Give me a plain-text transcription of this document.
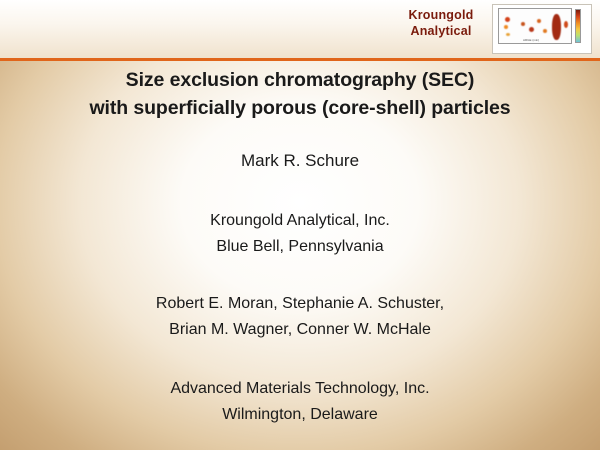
Kroungold
Analytical
ARGE (min)
Size exclusion chromatography (SEC)
with superficially porous (core-shell) particles
Mark R. Schure
Kroungold Analytical, Inc.
Blue Bell, Pennsylvania
Robert E. Moran, Stephanie A. Schuster,
Brian M. Wagner, Conner W. McHale
Advanced Materials Technology, Inc.
Wilmington, Delaware
